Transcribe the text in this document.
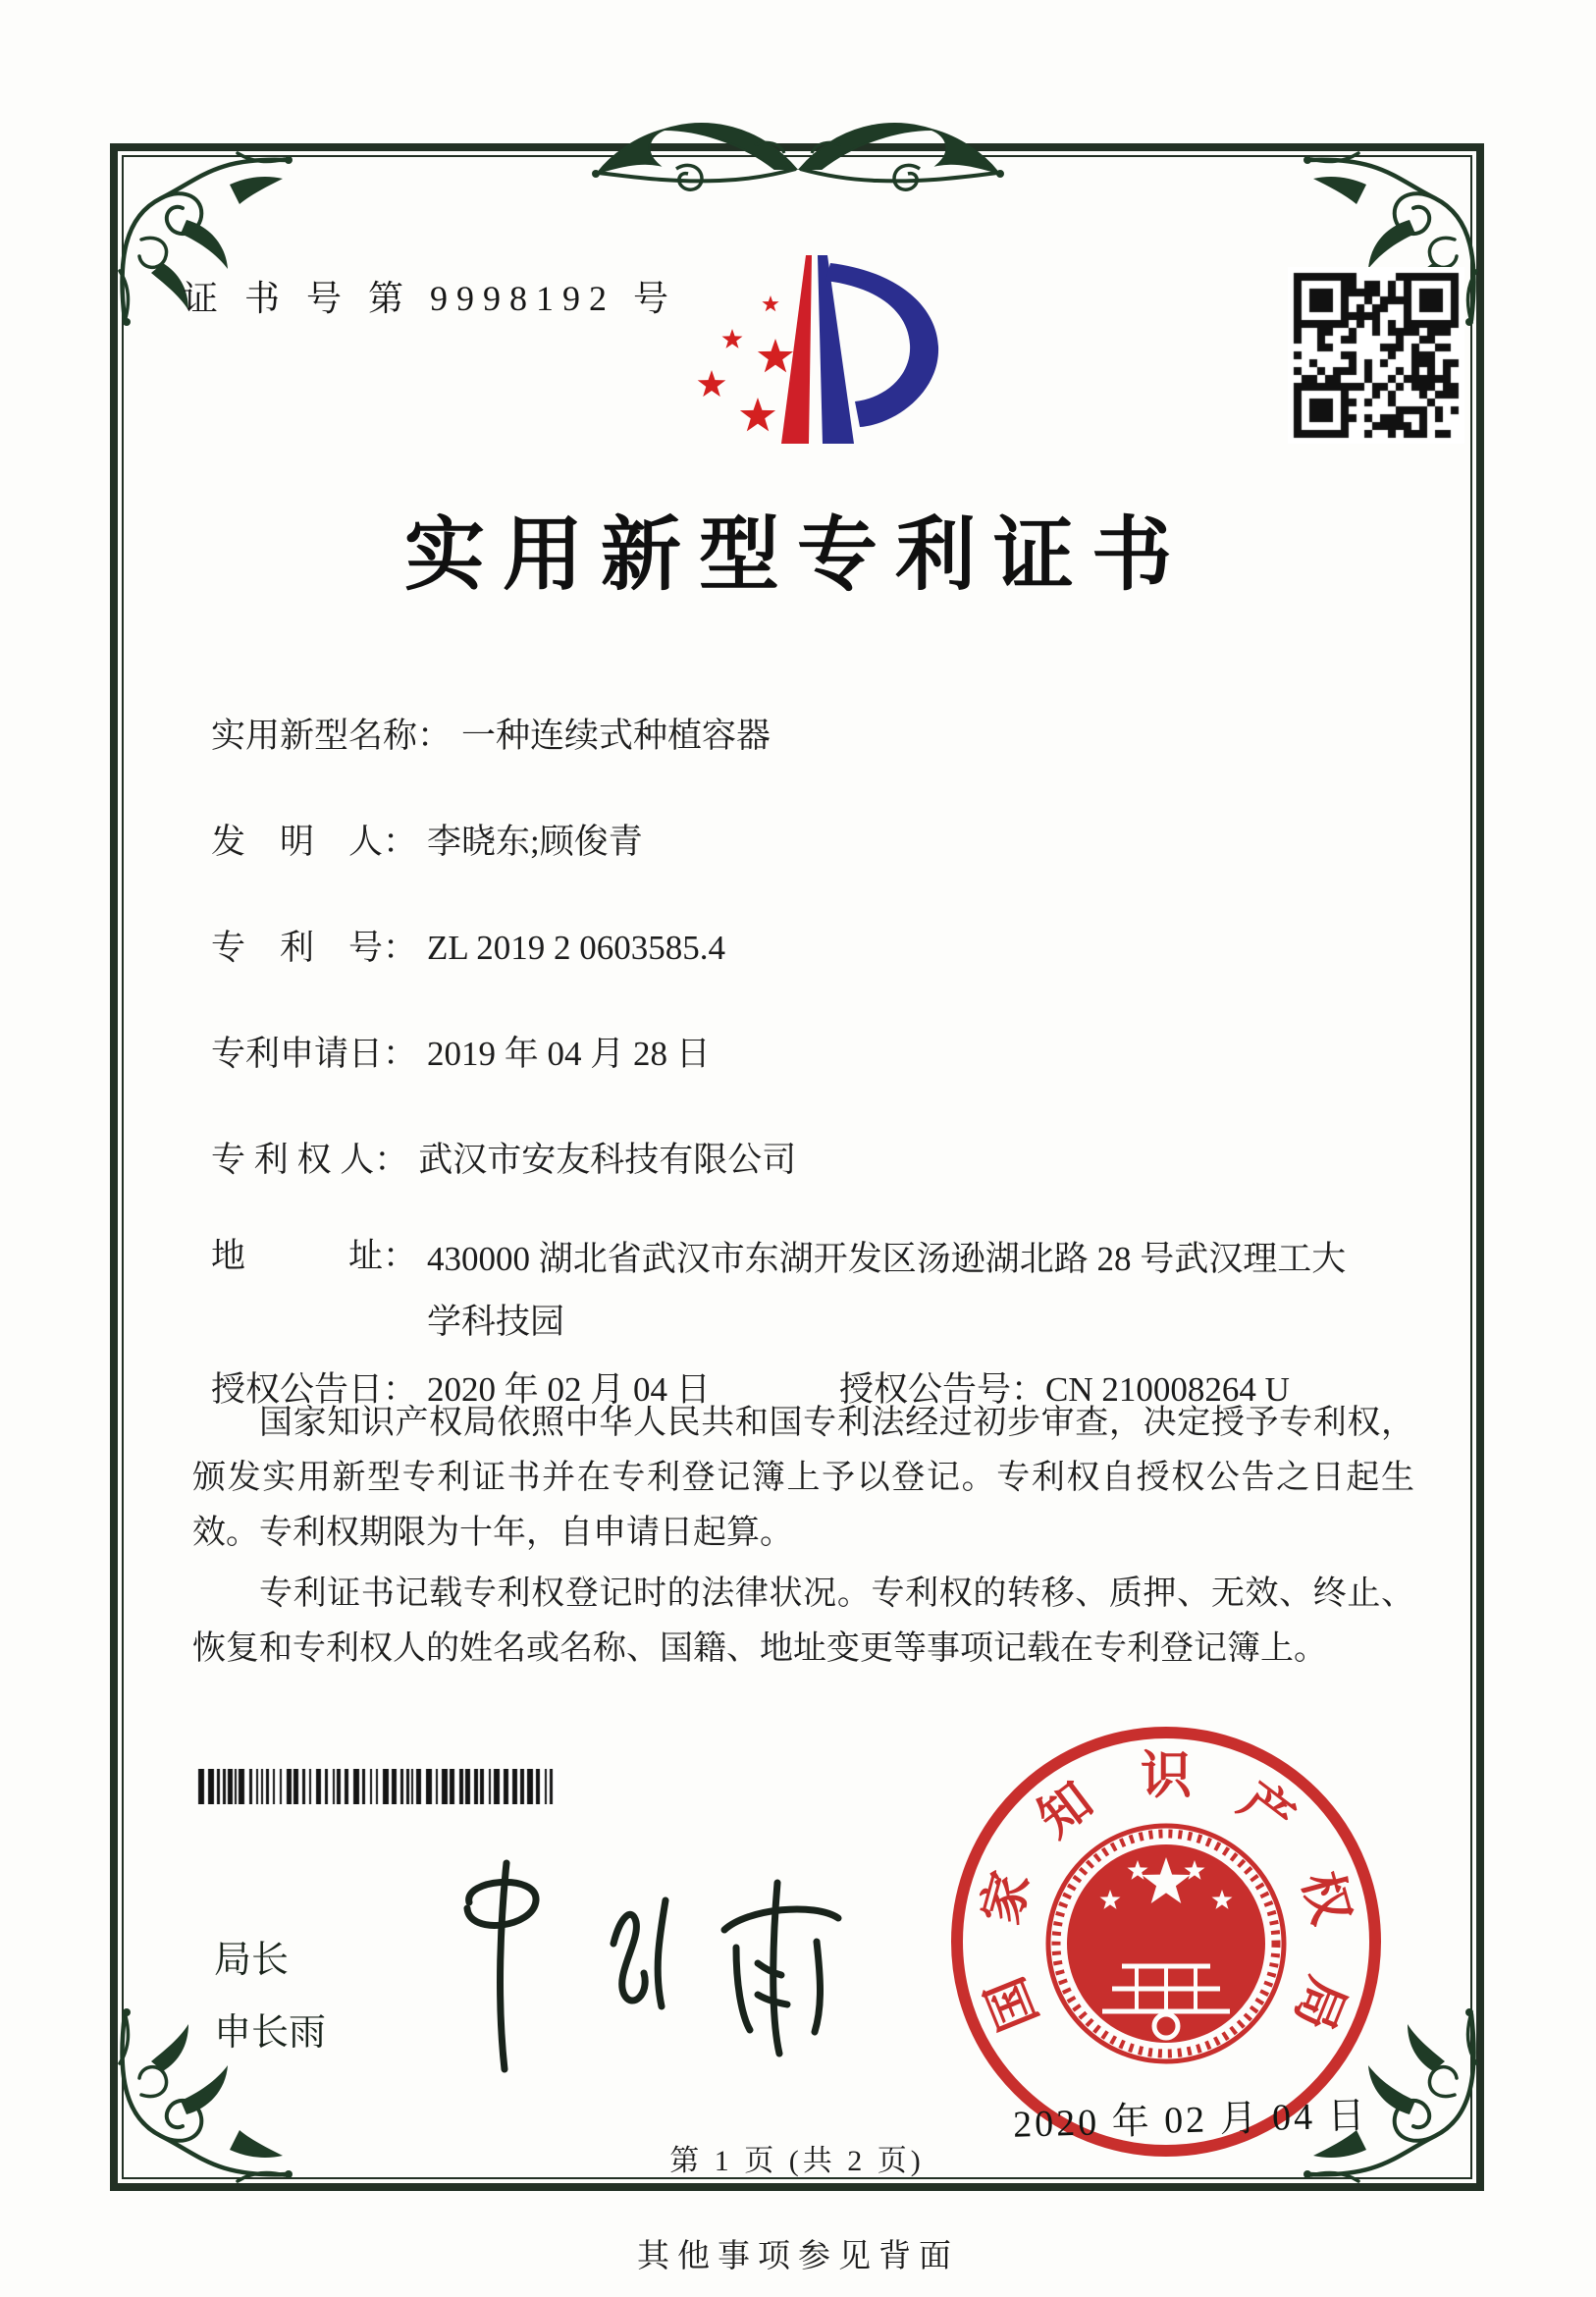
证 书 号 第 9998192 号
实用新型专利证书
实用新型名称： 一种连续式种植容器
发　明　人： 李晓东;顾俊青
专　利　号： ZL 2019 2 0603585.4
专利申请日： 2019 年 04 月 28 日
专 利 权 人： 武汉市安友科技有限公司
地　　　址： 430000 湖北省武汉市东湖开发区汤逊湖北路 28 号武汉理工大学科技园
授权公告日： 2020 年 02 月 04 日	授权公告号：CN 210008264 U

国家知识产权局依照中华人民共和国专利法经过初步审查，决定授予专利权，颁发实用新型专利证书并在专利登记簿上予以登记。专利权自授权公告之日起生效。专利权期限为十年，自申请日起算。

专利证书记载专利权登记时的法律状况。专利权的转移、质押、无效、终止、恢复和专利权人的姓名或名称、国籍、地址变更等事项记载在专利登记簿上。

局长
申长雨	国
家
知 识 产
权
局
2020 年 02 月 04 日
第 1 页 (共 2 页)
其他事项参见背面
